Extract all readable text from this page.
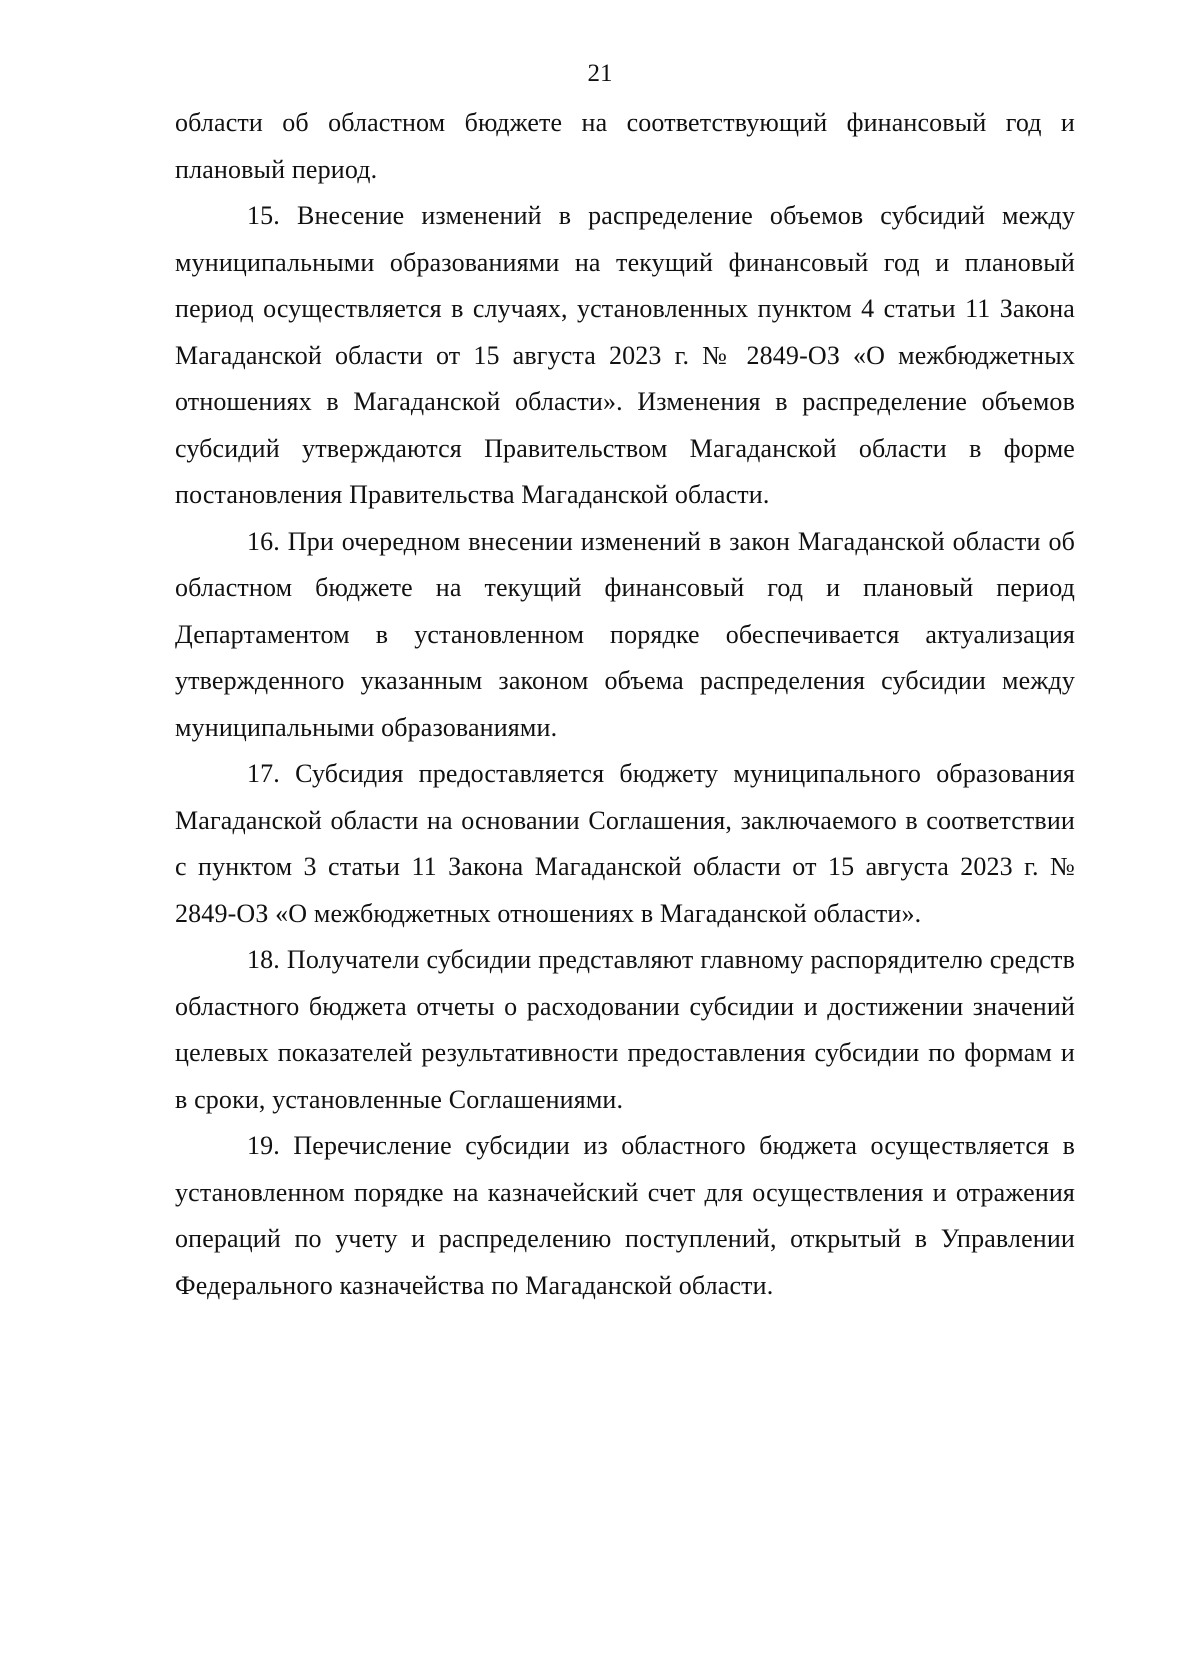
21

области об областном бюджете на соответствующий финансовый год и плановый период.

15. Внесение изменений в распределение объемов субсидий между муниципальными образованиями на текущий финансовый год и плановый период осуществляется в случаях, установленных пунктом 4 статьи 11 Закона Магаданской области от 15 августа 2023 г. № 2849-ОЗ «О межбюджетных отношениях в Магаданской области». Изменения в распределение объемов субсидий утверждаются Правительством Магаданской области в форме постановления Правительства Магаданской области.

16. При очередном внесении изменений в закон Магаданской области об областном бюджете на текущий финансовый год и плановый период Департаментом в установленном порядке обеспечивается актуализация утвержденного указанным законом объема распределения субсидии между муниципальными образованиями.

17. Субсидия предоставляется бюджету муниципального образования Магаданской области на основании Соглашения, заключаемого в соответствии с пунктом 3 статьи 11 Закона Магаданской области от 15 августа 2023 г. № 2849-ОЗ «О межбюджетных отношениях в Магаданской области».

18. Получатели субсидии представляют главному распорядителю средств областного бюджета отчеты о расходовании субсидии и достижении значений целевых показателей результативности предоставления субсидии по формам и в сроки, установленные Соглашениями.

19. Перечисление субсидии из областного бюджета осуществляется в установленном порядке на казначейский счет для осуществления и отражения операций по учету и распределению поступлений, открытый в Управлении Федерального казначейства по Магаданской области.
